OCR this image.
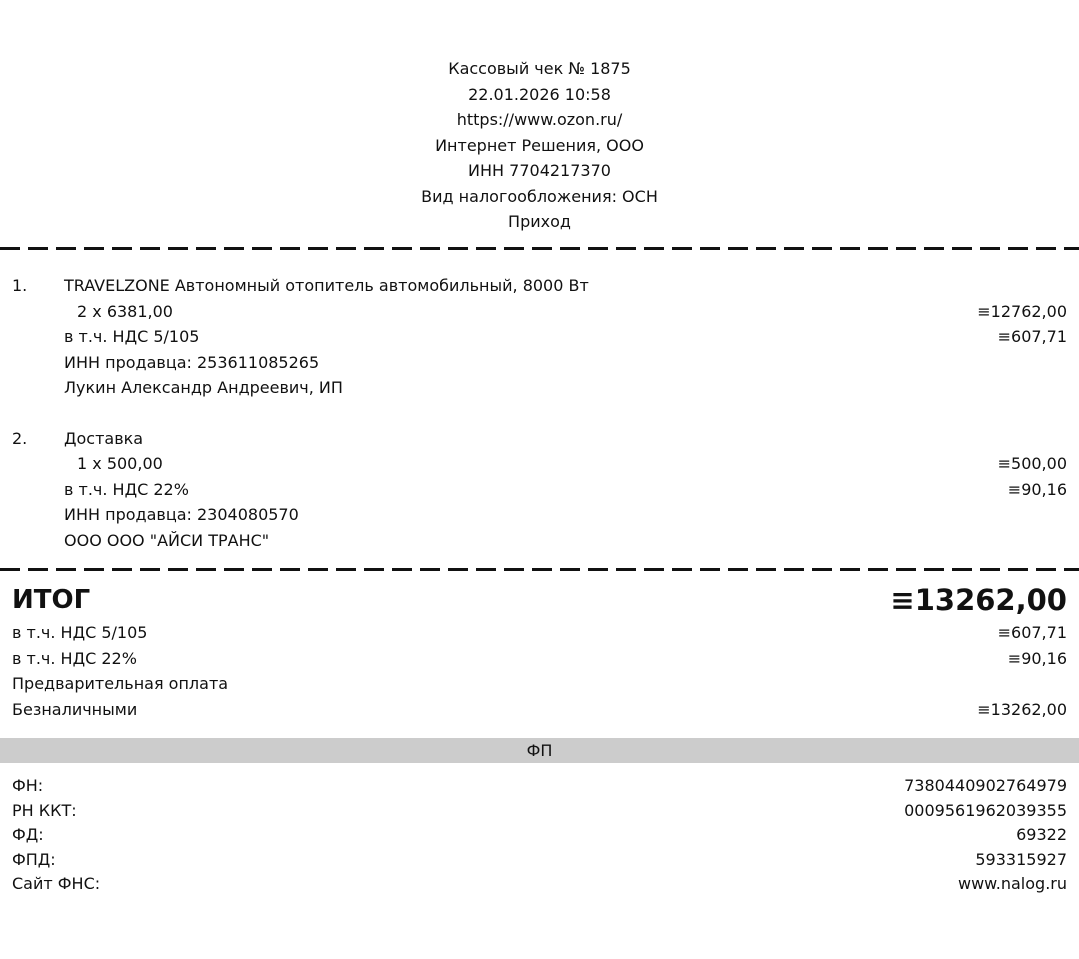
Кассовый чек № 1875
22.01.2026 10:58
https://www.ozon.ru/
Интернет Решения, ООО
ИНН 7704217370
Вид налогообложения: ОСН
Приход
1. TRAVELZONE Автономный отопитель автомобильный, 8000 Вт
2 x 6381,00	≡12762,00
в т.ч. НДС 5/105	≡607,71
ИНН продавца: 253611085265
Лукин Александр Андреевич, ИП
2. Доставка
1 x 500,00	≡500,00
в т.ч. НДС 22%	≡90,16
ИНН продавца: 2304080570
ООО ООО "АЙСИ ТРАНС"
ИТОГ	≡13262,00
в т.ч. НДС 5/105	≡607,71
в т.ч. НДС 22%	≡90,16
Предварительная оплата
Безналичными	≡13262,00
ФП
ФН:	7380440902764979
РН ККТ:	0009561962039355
ФД:	69322
ФПД:	593315927
Сайт ФНС:	www.nalog.ru
